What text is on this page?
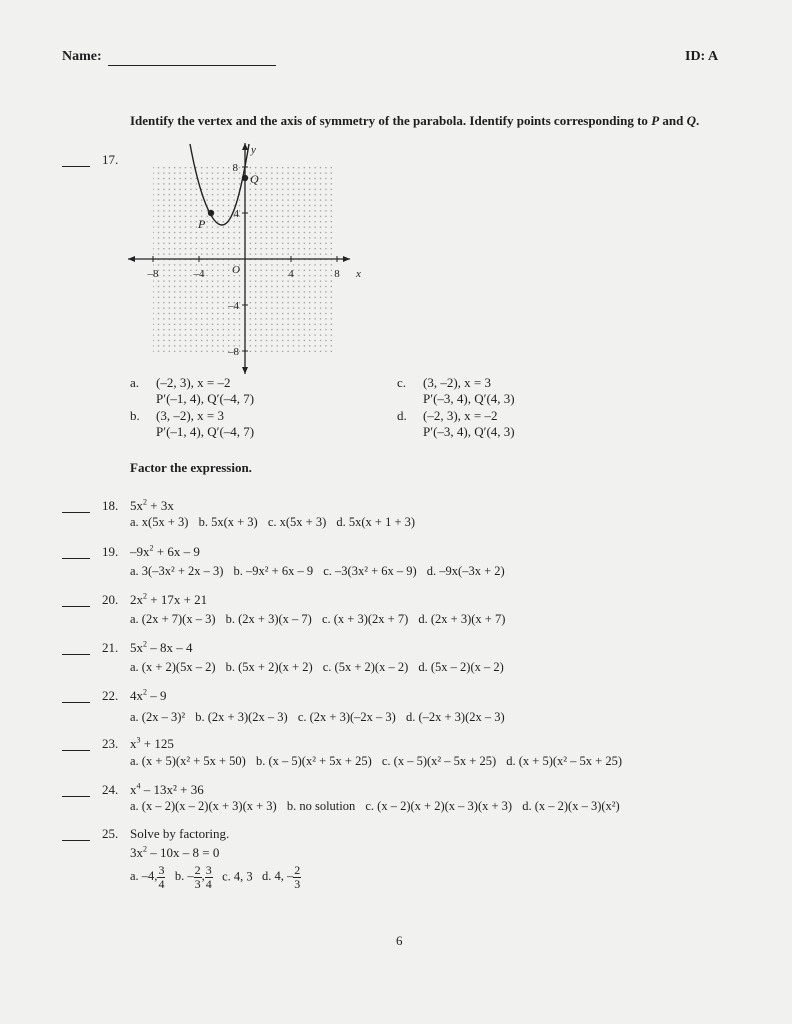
Name:	ID: A
Identify the vertex and the axis of symmetry of the parabola. Identify points corresponding to P and Q.
17.
–8	–4	O	4	8 x
8
4
–4
–8
y
P
Q
a. (–2, 3), x = –2
P′(–1, 4), Q′(–4, 7)
b. (3, –2), x = 3
P′(–1, 4), Q′(–4, 7)
c. (3, –2), x = 3
P′(–3, 4), Q′(4, 3)
d. (–2, 3), x = –2
P′(–3, 4), Q′(4, 3)
Factor the expression.
18. $5x^2 + 3x$
a. x(5x + 3) b. 5x(x + 3) c. x(5x + 3) d. 5x(x + 1 + 3)
19. $-9x^2 + 6x - 9$
a. 3(–3x² + 2x – 3) b. –9x² + 6x – 9 c. –3(3x² + 6x – 9) d. –9x(–3x + 2)
20. $2x^2 + 17x + 21$
a. (2x + 7)(x – 3) b. (2x + 3)(x – 7) c. (x + 3)(2x + 7) d. (2x + 3)(x + 7)
21. $5x^2 - 8x - 4$
a. (x + 2)(5x – 2) b. (5x + 2)(x + 2) c. (5x + 2)(x – 2) d. (5x – 2)(x – 2)
22. $4x^2 - 9$
a. (2x – 3)² b. (2x + 3)(2x – 3) c. (2x + 3)(–2x – 3) d. (–2x + 3)(2x – 3)
23. $x^3 + 125$
a. (x + 5)(x² + 5x + 50) b. (x – 5)(x² + 5x + 25) c. (x – 5)(x² – 5x + 25) d. (x + 5)(x² – 5x + 25)
24. $x^4 - 13x^2 + 36$
a. (x – 2)(x – 2)(x + 3)(x + 3) b. no solution c. (x – 2)(x + 2)(x – 3)(x + 3) d. (x – 2)(x – 3)(x²)
25. Solve by factoring.
$3x^2 - 10x - 8 = 0$
a. –4, $\frac{3}{4} b$. – $\frac{2}{3}$ , $\frac{3}{4} c$. 4, 3 d. 4, – $\frac{2}{3}$
6
